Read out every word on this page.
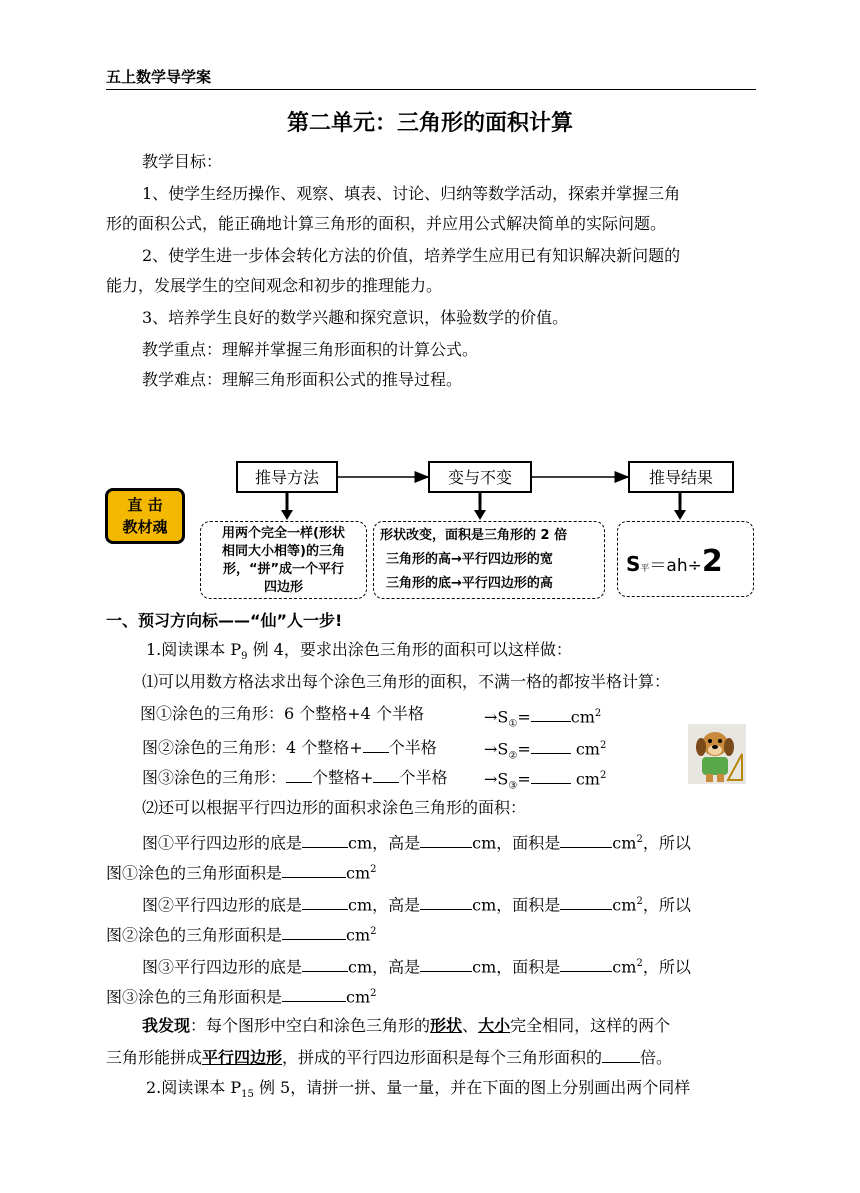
五上数学导学案
第二单元：三角形的面积计算
教学目标：
1、使学生经历操作、观察、填表、讨论、归纳等数学活动，探索并掌握三角
形的面积公式，能正确地计算三角形的面积，并应用公式解决简单的实际问题。
2、使学生进一步体会转化方法的价值，培养学生应用已有知识解决新问题的
能力，发展学生的空间观念和初步的推理能力。
3、培养学生良好的数学兴趣和探究意识，体验数学的价值。
教学重点：理解并掌握三角形面积的计算公式。
教学难点：理解三角形面积公式的推导过程。
推导方法	变与不变	推导结果
直 击
教材魂	用两个完全一样(形状
相同大小相等)的三角
形，“拼”成一个平行
四边形
形状改变，面积是三角形的 2 倍
三角形的高→平行四边形的宽
三角形的底→平行四边形的高
S平＝ah÷2
一、预习方向标——“仙”人一步!
1.阅读课本 $P_9$ 例 4，要求出涂色三角形的面积可以这样做：
⑴可以用数方格法求出每个涂色三角形的面积，不满一格的都按半格计算：
图①涂色的三角形：6 个整格+4 个半格	$\to S_①=$	$cm^2$
图②涂色的三角形：4 个整格+ 个半格	$\to S_②=$	$cm^2$
图③涂色的三角形： 个整格+ 个半格 $\to S_③=$	$cm^2$
⑵还可以根据平行四边形的面积求涂色三角形的面积：
图①平行四边形的底是	cm，高是	cm，面积是	$cm^2$，所以
图①涂色的三角形面积是	$cm^2$
图②平行四边形的底是	cm，高是	cm，面积是	$cm^2$，所以
图②涂色的三角形面积是	$cm^2$
图③平行四边形的底是	cm，高是	cm，面积是	$cm^2$，所以
图③涂色的三角形面积是	$cm^2$
我发现：每个图形中空白和涂色三角形的形状、大小完全相同，这样的两个
三角形能拼成平行四边形，拼成的平行四边形面积是每个三角形面积的 倍。
2.阅读课本 $P_{15}$ 例 5，请拼一拼、量一量，并在下面的图上分别画出两个同样
